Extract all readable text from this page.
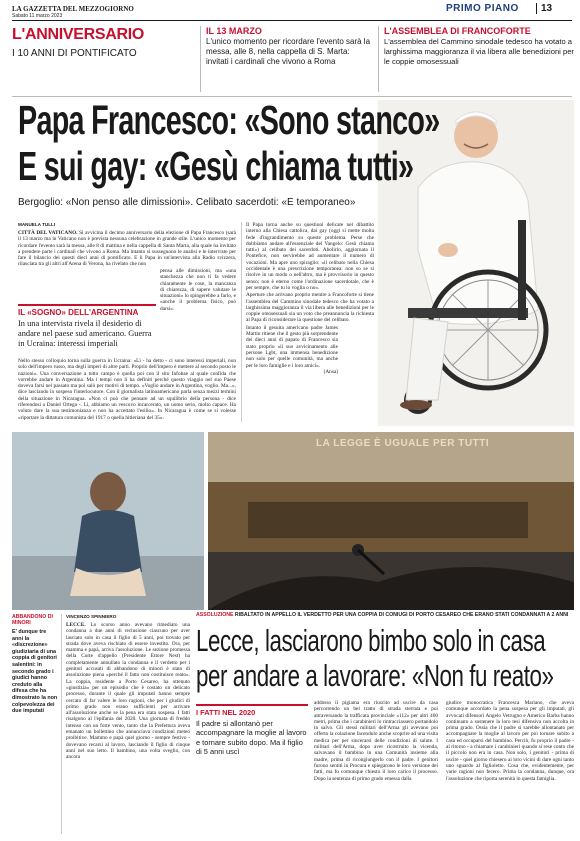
LA GAZZETTA DEL MEZZOGIORNO
Sabato 11 marzo 2023
PRIMO PIANO	13
L'ANNIVERSARIO
I 10 ANNI DI PONTIFICATO
IL 13 MARZO
L'unico momento per ricordare l'evento sarà la messa, alle 8, nella cappella di S. Marta: invitati i cardinali che vivono a Roma
L'ASSEMBLEA DI FRANCOFORTE
L'assemblea del Cammino sinodale tedesco ha votato a larghissima maggioranza il via libera alle benedizioni per le coppie omosessuali
Papa Francesco: «Sono stanco»
E sui gay: «Gesù chiama tutti»
Bergoglio: «Non penso alle dimissioni». Celibato sacerdoti: «È temporaneo»
MANUELA TULLI

CITTÀ DEL VATICANO. Si avvicina il decimo anniversario della elezione di Papa Francesco (sarà il 13 marzo ma in Vaticano non è prevista nessuna celebrazione in grande stile. L'unico momento per ricordare l'evento sarà la messa, alle 8 di mattina e nella cappella di Santa Marta, alla quale ha invitato a prendere parte i cardinali che vivono a Roma. Ma intanto si susseguono le analisi e le interviste per fare il bilancio dei questi dieci anni di pontificato. E il Papa in un'intervista alla Radio svizzera, rilasciata tra gli altri all'Arena di Verona, ha rivelato che non

pensa alle dimissioni, ma «una stanchezza che non ti fa vedere chiaramente le cose, la mancanza di chiarezza, di sapere valutare le situazioni» lo spingerebbe a farlo, e «anche il problema fisico, può darsi».

IL «SOGNO» DELL'ARGENTINA
In una intervista rivela il desiderio di andare nel paese sud americano. Guerra in Ucraina: interessi imperiali

Nello stesso colloquio torna sulla guerra in Ucraina: «Lì - ha detto - ci sono interessi imperiali, non solo dell'impero russo, ma degli imperi di altre parti. Proprio dell'impero è mettere al secondo posto le nazioni». Una conversazione a tutto campo è quella poi con il sito Infobae al quale confida che vorrebbe andare in Argentina. Ma i tempi non li ha definiti perché questo viaggio nel suo Paese doveva farsi nel passato ma poi salò per motivi di tempo. «Voglio andare in Argentina, voglio. Ma...», dice lasciando in sospeso l'interlocutore. Con il giornalista latinoamericano parla senza mezzi termini della situazione in Nicaragua. «Non ci può che pensare ad un squilibrio della persona - dice riferendosi a Daniel Ortega -. Lì, abbiamo un vescovo incarcerato, un uomo serio, molto capace. Ha voluto dare la sua testimonianza e non ha accettato l'esilio». In Nicaragua è come se si volesse «riportare la dittatura comunista del 1917 o quella hitleriana del 35».

Il Papa torna anche su questioni delicate nel dibattito interno alla Chiesa cattolica, dai gay (oggi si mette molta fede d'ingrandimento su queste problema. Perse che dobbiamo andare all'essenziale del Vangelo: Gesù chiama tutti») al celibato dei sacerdoti. Abolirlo, aggiornata il Pontefice, non servirebbe ad aumentare il numero di vocazioni. Ma apre uno spiraglio: «il celibato nella Chiesa occidentale è una prescrizione temporanea: non so se si risolve in un modo o nell'altro, ma è provvisorio in questo senso; non è eterno come l'ordinazione sacerdotale, che è per sempre, che tu lo voglia o no».

Aperture che arrivano proprio mentre a Francoforte si tiene l'assemblea del Cammino sinodale tedesco che ha votato a larghissima maggioranza il via libera alle benedizioni per le coppie omosessuali sia un voto che preannuncia la richiesta al Papa di riconsiderare la questione del celibato.

Intanto il gesuita americano padre James Martin ritiene che il gesto più sorprendente dei dieci anni di papato di Francesco sia stato proprio «il suo avvicinamento alle persone Lgbt, una immensa benedizione non solo per quelle comunità, ma anche per le loro famiglie e i loro amici».

(Ansa)

LA LEGGE È UGUALE PER TUTTI
ABBANDONO DI MINORI
E' dunque tre anni la «discrezione» giudiziaria di una coppia di genitori salentini: in secondo grado i giudici hanno creduto alla difesa che ha dimostrato la non colpevolezza dei due imputati
ASSOLUZIONE RIBALTATO IN APPELLO IL VERDETTO PER UNA COPPIA DI CONIUGI DI PORTO CESAREO CHE ERANO STATI CONDANNATI A 2 ANNI
Lecce, lasciarono bimbo solo in casa
per andare a lavorare: «Non fu reato»
VINCENZO SPINNIERO

LECCE. Lo scorso anno avevano rimediato una condanna a due anni di reclusione ciascuno per aver lasciato solo in casa il figlio di 5 anni, poi trovato per strada dove aveva rischiato di essere investito. Ora, per mamma e papà, arriva l'assoluzione. Le sezione promessa della Corte d'appello (Presidente Ettore Nest) ha completamente annullato la condanna e il verdetto per i genitori accusati di abbandono di minori è stato di assoluzione piena «perché il fatto non costituisce reato». La coppia, residente a Porto Cesareo, ha ottenuto «giustizia» per un episodio che è costato un delicato processo, durante il quale gli imputati hanno sempre cercato di far valere le loro ragioni, che per i giudici di primo grado non erano sufficienti per arrivare all'assoluzione anche se la pena era stata sospesa. I fatti risalgono al l'epifania del 2020. Una giornata di freddo intenso con un forte vento, tanto che la Prefettura aveva emanato un bollettino che annunciava condizioni meteo proibitive. Mammo e papà quel giorno - sempre festivo - dovevano recarsi al lavoro, lasciando il figlio di cinque anni nel suo letto. Il bambino, una volta sveglio, con ancora

I FATTI NEL 2020
Il padre si allontanò per accompagnare la moglie al lavoro e tornare subito dopo. Ma il figlio di 5 anni uscì

addosso il pigiama era riuscito ad uscire da casa percorrendo un bel tratto di strada sterrata e poi attraversando la trafficata provinciale «112» per altri 400 metri, prima che i carabinieri lo rintracciassero portandolo in salvo. Gli stessi militari dell'Arma gli avevano poi offerto la colazione facendolo anche scoprire ad una visita medica per per sincerarsi delle condizioni di salute. I militari dell'Arma, dopo aver ricostruito la vicenda, salvavano il bambino in una Comunità insieme alla madre, prima di ricongiungerlo con il padre. I genitori furono sentiti in Procura e spiegarono le loro versione dei fatti, ma fu comunque chiesto il loro carico il processo. Dopo la sentenza di primo grado emessa dalla

giudice monocratica Francesca Mariano, che aveva comunque accordato la pena sospesa per gli imputati, gli avvocati difensori Angelo Vetrugno e Americo Barba hanno continuato a sostenere la loro tesi difensiva non accolta in prima grado. Ossia che il padre si sarebbe allontanato per accompagnare la moglie al lavoro per poi tornare subito a casa ed occuparsi del bambino. Perciò, fu proprio il padre - al ritorno - a chiamare i carabinieri quando si rese conto che il piccolo non era in casa. Non solo, i genitori - prima di uscire - quel giorno chiesero ai loro vicini di dare ogni tanto uno sguardo al figlioletto. Cosa che, evidentemente, per varie ragioni non fecero. Prima la condanna, dunque, ora l'assoluzione che riporta serenità in questa famiglia.
